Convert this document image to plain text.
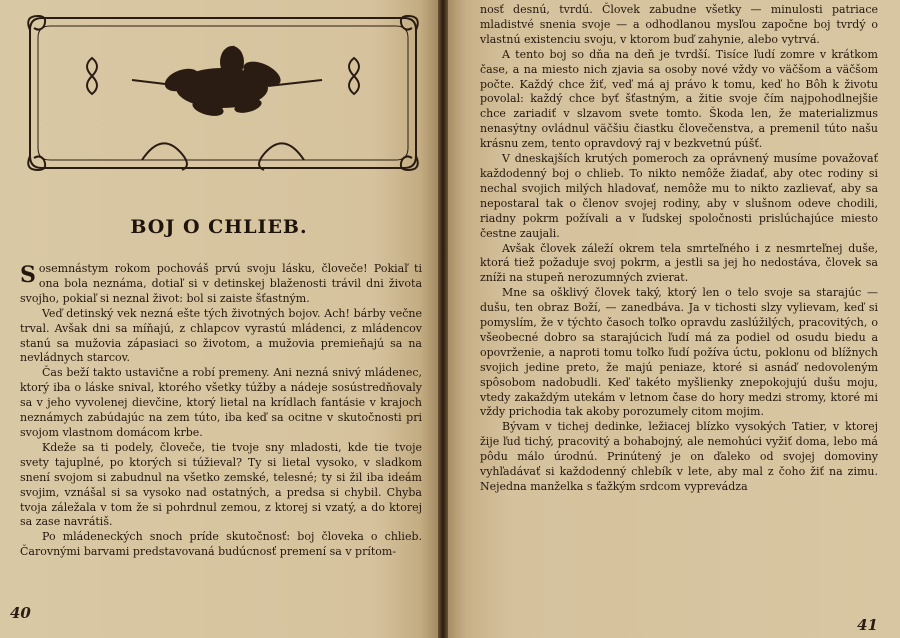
BOJ O CHLIEB.

Sosemnástym rokom pochováš prvú svoju lásku, človeče! Pokiaľ ti ona bola neznáma, dotiaľ si v detinskej blaženosti trávil dni života svojho, pokiaľ si neznal život: bol si zaiste šťastným.

Veď detinský vek nezná ešte tých životných bojov. Ach! bárby večne trval. Avšak dni sa míňajú, z chlapcov vyrastú mládenci, z mládencov stanú sa mužovia zápasiaci so životom, a mužovia premieňajú sa na nevládnych starcov.

Čas beží takto ustavične a robí premeny. Ani nezná snivý mládenec, ktorý iba o láske snival, ktorého všetky túžby a nádeje sosústredňovaly sa v jeho vyvolenej dievčine, ktorý lietal na krídlach fantásie v krajoch neznámych zabúdajúc na zem túto, iba keď sa ocitne v skutočnosti pri svojom vlastnom domácom krbe.

Kdeže sa ti podely, človeče, tie tvoje sny mladosti, kde tie tvoje svety tajuplné, po ktorých si túžieval? Ty si lietal vysoko, v sladkom snení svojom si zabudnul na všetko zemské, telesné; ty si žil iba ideám svojim, vznášal si sa vysoko nad ostatných, a predsa si chybil. Chyba tvoja záležala v tom že si pohrdnul zemou, z ktorej si vzatý, a do ktorej sa zase navrátiš.

Po mládeneckých snoch príde skutočnosť: boj človeka o chlieb. Čarovnými barvami predstavovaná budúcnosť premení sa v prítom-

40

nosť desnú, tvrdú. Človek zabudne všetky — minulosti patriace mladistvé snenia svoje — a odhodlanou mysľou započne boj tvrdý o vlastnú existenciu svoju, v ktorom buď zahynie, alebo vytrvá.

A tento boj so dňa na deň je tvrdší. Tisíce ľudí zomre v krátkom čase, a na miesto nich zjavia sa osoby nové vždy vo väčšom a väčšom počte. Každý chce žiť, veď má aj právo k tomu, keď ho Bôh k životu povolal: každý chce byť šťastným, a žitie svoje čím najpohodlnejšie chce zariadiť v slzavom svete tomto. Škoda len, že materializmus nenasýtny ovládnul väčšiu čiastku človečenstva, a premenil túto našu krásnu zem, tento opravdový raj v bezkvetnú púšť.

V dneskajších krutých pomeroch za oprávnený musíme považovať každodenný boj o chlieb. To nikto nemôže žiadať, aby otec rodiny si nechal svojich milých hladovať, nemôže mu to nikto zazlievať, aby sa nepostaral tak o členov svojej rodiny, aby v slušnom odeve chodili, riadny pokrm požívali a v ľudskej spoločnosti prislúchajúce miesto čestne zaujali.

Avšak človek záleží okrem tela smrteľného i z nesmrteľnej duše, ktorá tiež požaduje svoj pokrm, a jestli sa jej ho nedostáva, človek sa zníži na stupeň nerozumných zvierat.

Mne sa ošklivý človek taký, ktorý len o telo svoje sa starajúc — dušu, ten obraz Boží, — zanedbáva. Ja v tichosti slzy vylievam, keď si pomyslím, že v týchto časoch toľko opravdu zaslúžilých, pracovitých, o všeobecné dobro sa starajúcich ľudí má za podiel od osudu biedu a opovrženie, a naproti tomu toľko ľudí požíva úctu, poklonu od blížnych svojich jedine preto, že majú peniaze, ktoré si asnáď nedovoleným spôsobom nadobudli. Keď takéto myšlienky znepokojujú dušu moju, vtedy zakaždým utekám v letnom čase do hory medzi stromy, ktoré mi vždy prichodia tak akoby porozumely citom mojim.

Bývam v tichej dedinke, ležiacej blízko vysokých Tatier, v ktorej žije ľud tichý, pracovitý a bohabojný, ale nemohúci vyžiť doma, lebo má pôdu málo úrodnú. Prinútený je on ďaleko od svojej domoviny vyhľadávať si každodenný chlebík v lete, aby mal z čoho žiť na zimu. Nejedna manželka s ťažkým srdcom vyprevádza

41
